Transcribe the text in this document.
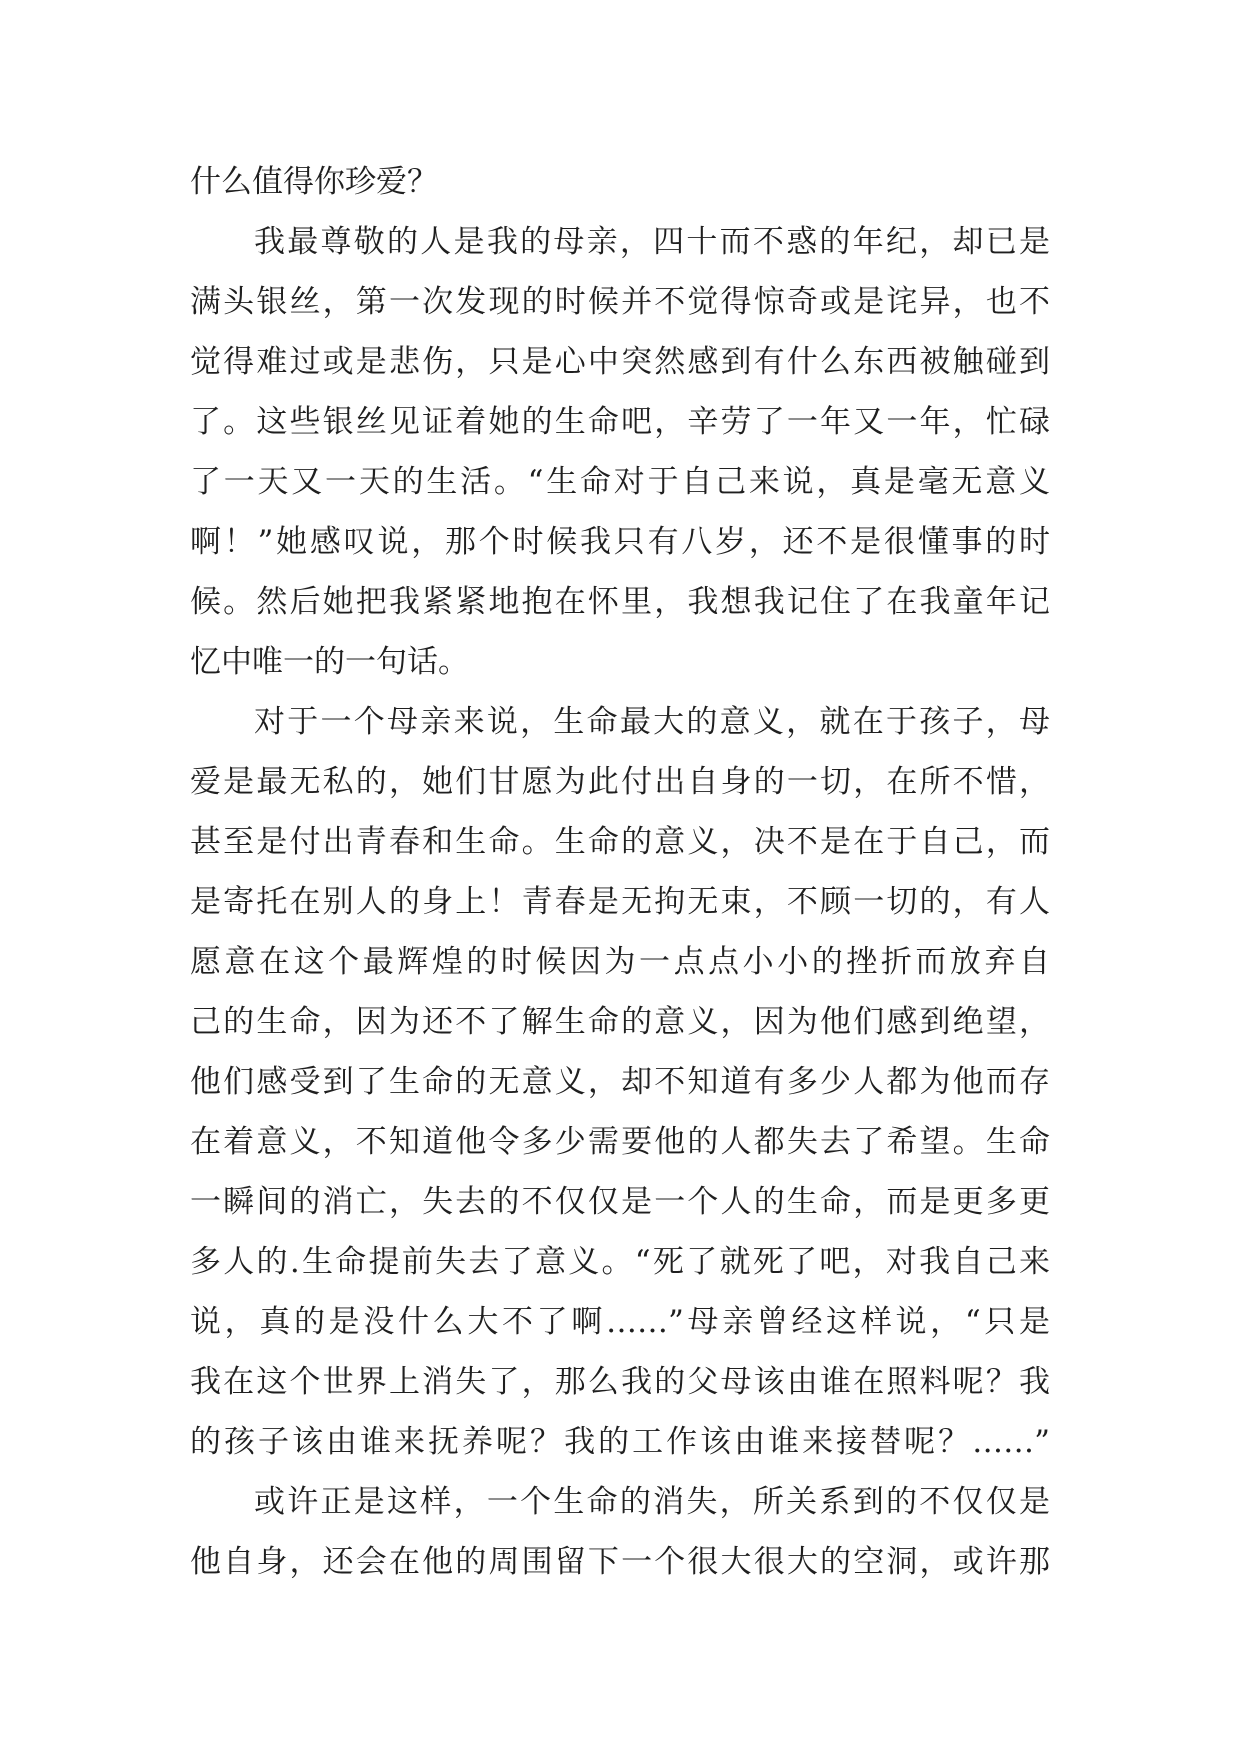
什么值得你珍爱？
我最尊敬的人是我的母亲，四十而不惑的年纪，却已是
满头银丝，第一次发现的时候并不觉得惊奇或是诧异，也不
觉得难过或是悲伤，只是心中突然感到有什么东西被触碰到
了。这些银丝见证着她的生命吧，辛劳了一年又一年，忙碌
了一天又一天的生活。“生命对于自己来说，真是毫无意义
啊！”她感叹说，那个时候我只有八岁，还不是很懂事的时
候。然后她把我紧紧地抱在怀里，我想我记住了在我童年记
忆中唯一的一句话。
对于一个母亲来说，生命最大的意义，就在于孩子，母
爱是最无私的，她们甘愿为此付出自身的一切，在所不惜，
甚至是付出青春和生命。生命的意义，决不是在于自己，而
是寄托在别人的身上！青春是无拘无束，不顾一切的，有人
愿意在这个最辉煌的时候因为一点点小小的挫折而放弃自
己的生命，因为还不了解生命的意义，因为他们感到绝望，
他们感受到了生命的无意义，却不知道有多少人都为他而存
在着意义，不知道他令多少需要他的人都失去了希望。生命
一瞬间的消亡，失去的不仅仅是一个人的生命，而是更多更
多人的.生命提前失去了意义。“死了就死了吧，对我自己来
说，真的是没什么大不了啊……”母亲曾经这样说，“只是
我在这个世界上消失了，那么我的父母该由谁在照料呢？我
的孩子该由谁来抚养呢？我的工作该由谁来接替呢？……”
或许正是这样，一个生命的消失，所关系到的不仅仅是
他自身，还会在他的周围留下一个很大很大的空洞，或许那
